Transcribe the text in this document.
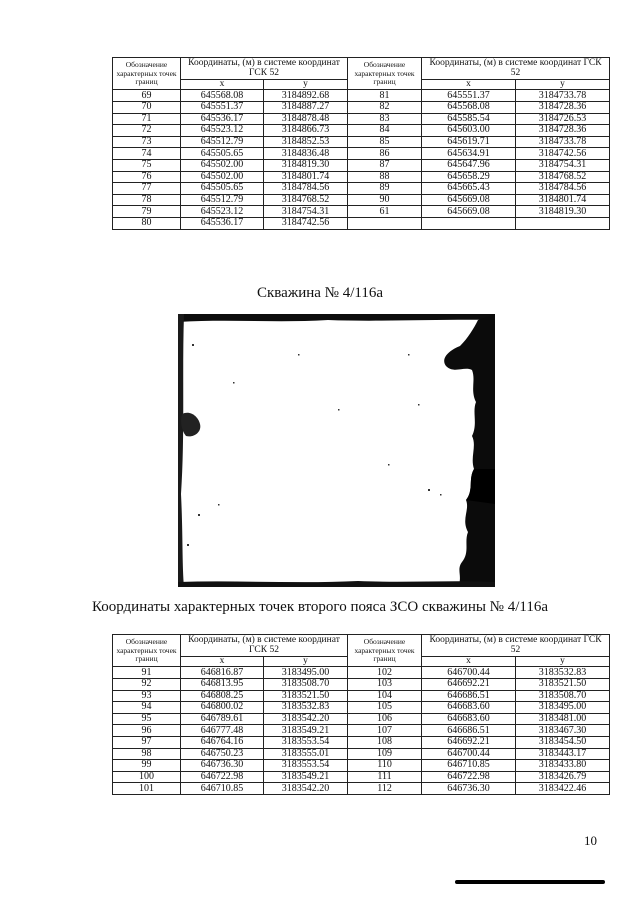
Обозначение характерных точек границ	Координаты, (м) в системе координат ГСК 52		Обозначение характерных точек границ	Координаты, (м) в системе координат ГСК 52	
	x	y		x	y
69	645568.08	3184892.68	81	645551.37	3184733.78
70	645551.37	3184887.27	82	645568.08	3184728.36
71	645536.17	3184878.48	83	645585.54	3184726.53
72	645523.12	3184866.73	84	645603.00	3184728.36
73	645512.79	3184852.53	85	645619.71	3184733.78
74	645505.65	3184836.48	86	645634.91	3184742.56
75	645502.00	3184819.30	87	645647.96	3184754.31
76	645502.00	3184801.74	88	645658.29	3184768.52
77	645505.65	3184784.56	89	645665.43	3184784.56
78	645512.79	3184768.52	90	645669.08	3184801.74
79	645523.12	3184754.31	61	645669.08	3184819.30
80	645536.17	3184742.56			
Скважина № 4/116а
Координаты характерных точек второго пояса ЗСО скважины № 4/116а
Обозначение характерных точек границ	Координаты, (м) в системе координат ГСК 52		Обозначение характерных точек границ	Координаты, (м) в системе координат ГСК 52	
	x	y		x	y
91	646816.87	3183495.00	102	646700.44	3183532.83
92	646813.95	3183508.70	103	646692.21	3183521.50
93	646808.25	3183521.50	104	646686.51	3183508.70
94	646800.02	3183532.83	105	646683.60	3183495.00
95	646789.61	3183542.20	106	646683.60	3183481.00
96	646777.48	3183549.21	107	646686.51	3183467.30
97	646764.16	3183553.54	108	646692.21	3183454.50
98	646750.23	3183555.01	109	646700.44	3183443.17
99	646736.30	3183553.54	110	646710.85	3183433.80
100	646722.98	3183549.21	111	646722.98	3183426.79
101	646710.85	3183542.20	112	646736.30	3183422.46
10
